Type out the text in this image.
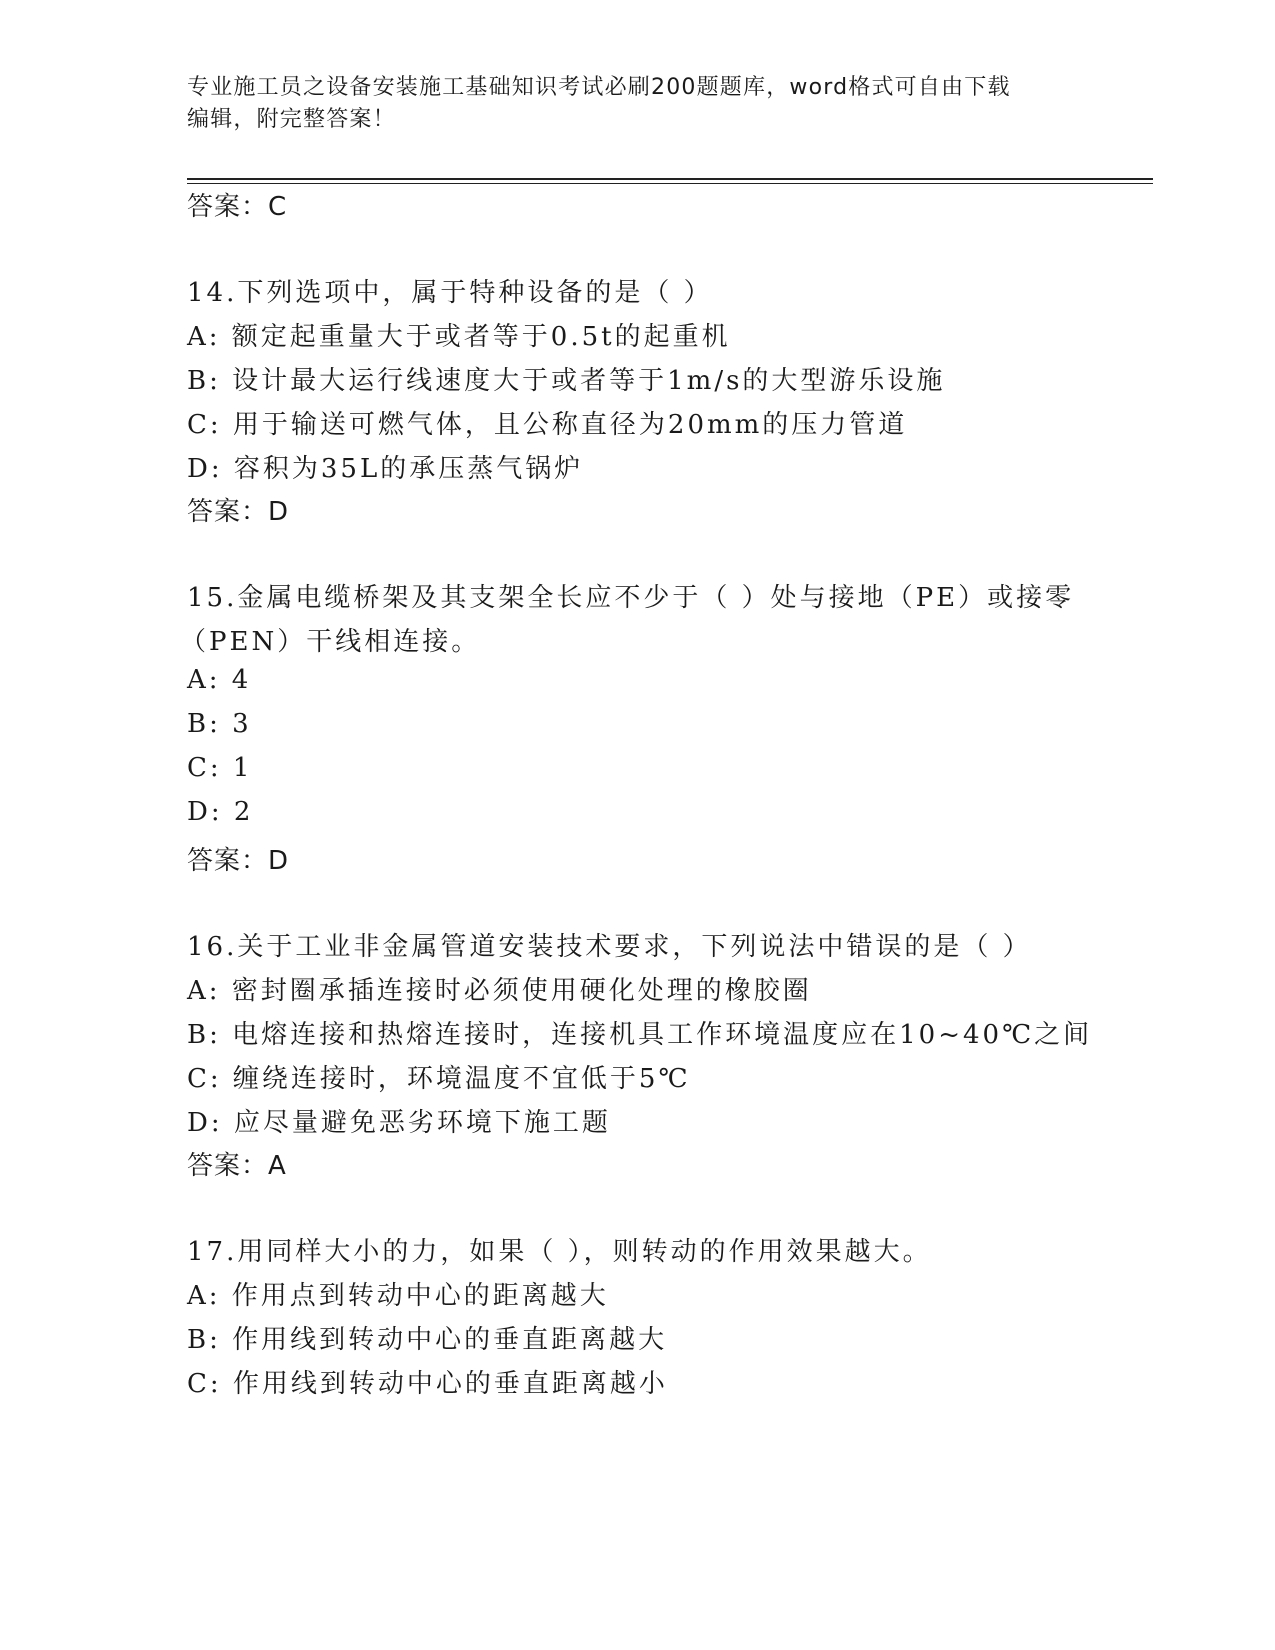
专业施工员之设备安装施工基础知识考试必刷200题题库，word格式可自由下载
编辑，附完整答案！
答案：C
14.下列选项中，属于特种设备的是（ ）
A: 额定起重量大于或者等于0.5t的起重机
B: 设计最大运行线速度大于或者等于1m/s的大型游乐设施
C: 用于输送可燃气体，且公称直径为20mm的压力管道
D: 容积为35L的承压蒸气锅炉
答案：D
15.金属电缆桥架及其支架全长应不少于（ ）处与接地（PE）或接零
（PEN）干线相连接。
A: 4
B: 3
C: 1
D: 2
答案：D
16.关于工业非金属管道安装技术要求，下列说法中错误的是（ ）
A: 密封圈承插连接时必须使用硬化处理的橡胶圈
B: 电熔连接和热熔连接时，连接机具工作环境温度应在10~40℃之间
C: 缠绕连接时，环境温度不宜低于5℃
D: 应尽量避免恶劣环境下施工题
答案：A
17.用同样大小的力，如果（ ），则转动的作用效果越大。
A: 作用点到转动中心的距离越大
B: 作用线到转动中心的垂直距离越大
C: 作用线到转动中心的垂直距离越小
